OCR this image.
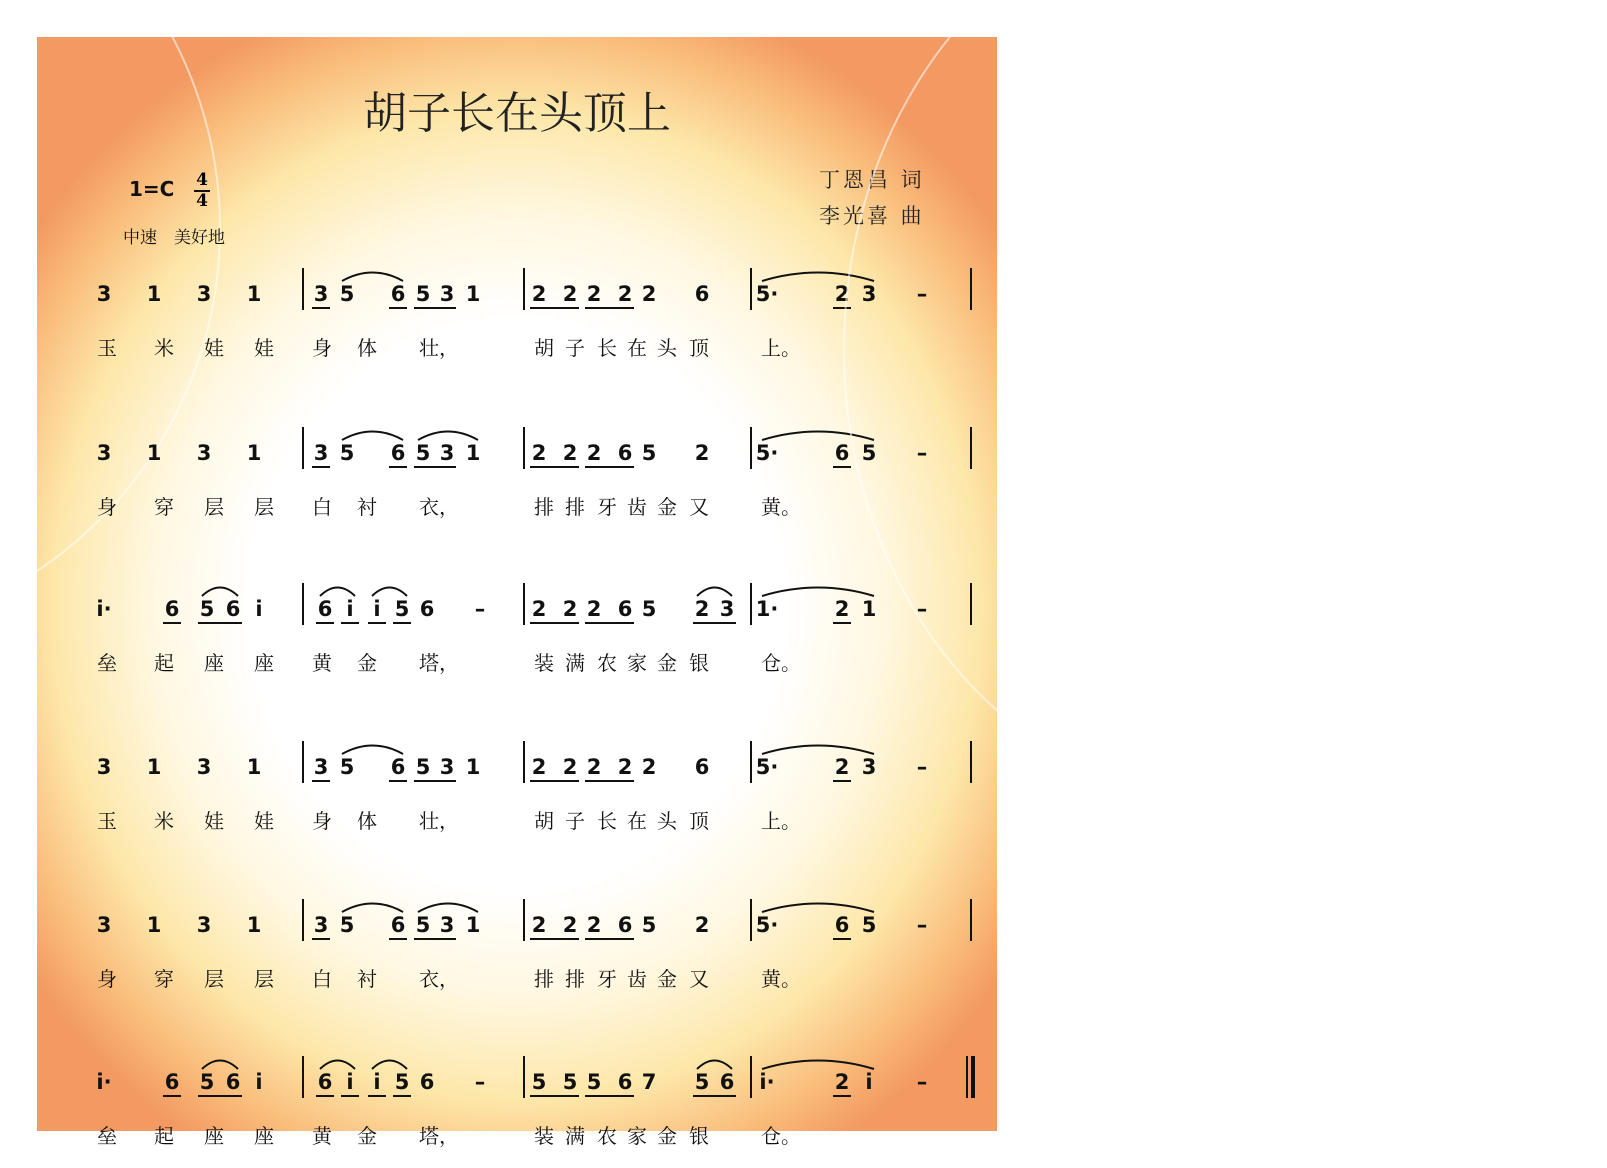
胡子长在头顶上
丁恩昌 词
李光喜 曲
1=C 4
4
中速　美好地
3 1 3 1 3 5 6 5 3 1 2 2 2 2 2 6 5·	2 3	–
玉 米 娃 娃 身 体 壮，	胡 子 长 在 头 顶	上。
3 1 3 1 3 5 6 5 3 1 2 2 2 6 5 2 5·	6 5	–
身 穿 层 层 白 衬 衣，	排 排 牙 齿 金 又	黄。
i·	6 5 6 i	6 i i 5 6	–	2 2 2 6 5 2 3 1·	2 1	–
垒 起 座 座 黄 金 塔，	装 满 农 家 金 银	仓。
3 1 3 1 3 5 6 5 3 1 2 2 2 2 2 6 5·	2 3	–
玉 米 娃 娃 身 体 壮，	胡 子 长 在 头 顶	上。
3 1 3 1 3 5 6 5 3 1 2 2 2 6 5 2 5·	6 5	–
身 穿 层 层 白 衬 衣，	排 排 牙 齿 金 又	黄。
i·	6 5 6 i	6 i i 5 6	–	5 5 5 6 7 5 6 i·	2 i	–
垒 起 座 座 黄 金 塔，	装 满 农 家 金 银	仓。
